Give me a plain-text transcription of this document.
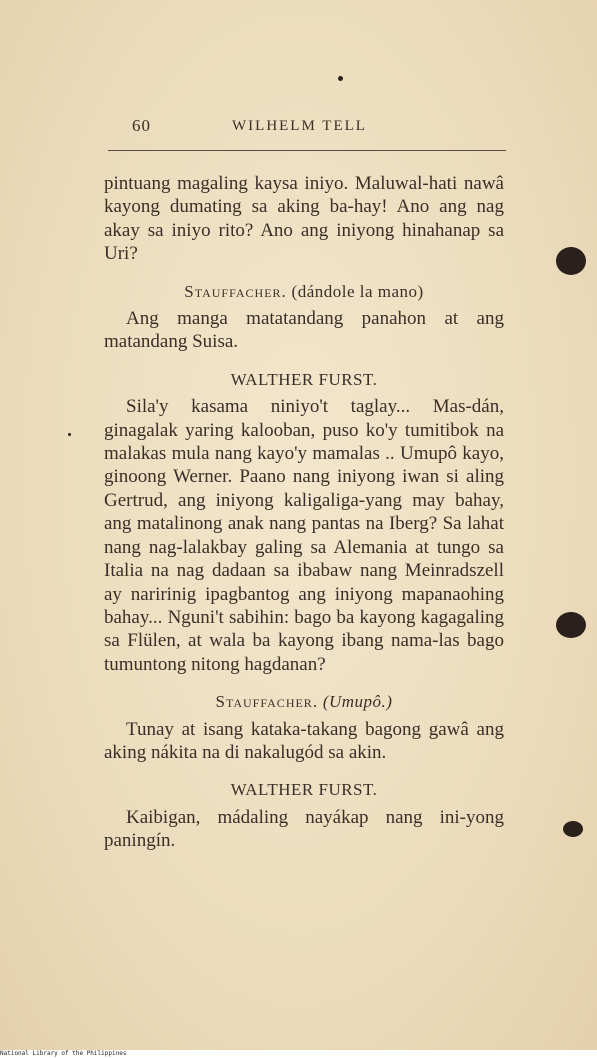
60	WILHELM TELL

pintuang magaling kaysa iniyo. Maluwal-hati nawâ kayong dumating sa aking ba-hay! Ano ang nag akay sa iniyo rito? Ano ang iniyong hinahanap sa Uri?

Stauffacher. (dándole la mano)

Ang manga matatandang panahon at ang matandang Suisa.

WALTHER FURST.

Sila'y kasama niniyo't taglay... Mas-dán, ginagalak yaring kalooban, puso ko'y tumitibok na malakas mula nang kayo'y mamalas .. Umupô kayo, ginoong Werner. Paano nang iniyong iwan si aling Gertrud, ang iniyong kaligaliga-yang may bahay, ang matalinong anak nang pantas na Iberg? Sa lahat nang nag-lalakbay galing sa Alemania at tungo sa Italia na nag dadaan sa ibabaw nang Meinradszell ay naririnig ipagbantog ang iniyong mapanaohing bahay... Nguni't sabihin: bago ba kayong kagagaling sa Flülen, at wala ba kayong ibang nama-las bago tumuntong nitong hagdanan?

Stauffacher. (Umupô.)

Tunay at isang kataka-takang bagong gawâ ang aking nákita na di nakalugód sa akin.

WALTHER FURST.

Kaibigan, mádaling nayákap nang ini-yong paningín.

National Library of the Philippines
